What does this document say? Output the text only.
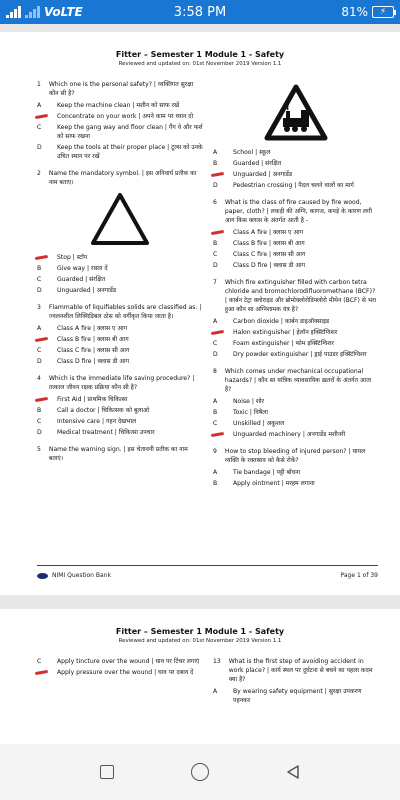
VoLTE	3:58 PM	81% ⚡
Fitter – Semester 1 Module 1 - Safety
Reviewed and updated on: 01st November 2019 Version 1.1
1 Which one is the personal safety? | व्यक्तिगत सुरक्षा कौन सी है?
A	Keep the machine clean | मशीन को साफ रखें
Concentrate on your work | अपने काम पर ध्यान दो
C	Keep the gang way and floor clean | गैंग वे और फर्श को साफ रखना
D	Keep the tools at their proper place | टूल्स को उनके उचित स्थान पर रखें
2 Name the mandatory symbol. | इस अनिवार्य प्रतीक का नाम बताए।
Stop | स्टॉप
B	Give way | रास्ता दें
C	Guarded | संरक्षित
D	Unguarded | अनगार्डेड
3 Flammable of liquifiables solids are classified as. | ज्वलनशील लिक्विडिबल ठोस को वर्गीकृत किया जाता है।
A	Class A fire | क्लास ए आग
Class B fire | क्लास बी आग
C	Class C fire | क्लास सी आग
D	Class D fire | क्लास डी आग
4 Which is the immediate life saving procedure? | तत्काल जीवन रक्षक प्रक्रिया कौन सी है?
First Aid | प्राथमिक चिकित्सा
B	Call a doctor | चिकित्सक को बुलाओ
C	Intensive care | गहन देखभाल
D	Medical treatment | चिकित्सा उपचार
5 Name the warning sign. | इस चेतावनी प्रतीक का नाम बताएं।
A	School | स्कूल
B	Guarded | संरक्षित
Unguarded | अनगार्डेड
D	Pedestrian crossing | पैदल चलने वालों का मार्ग
6 What is the class of fire caused by fire wood, paper, cloth? | लकड़ी की अग्नि, कागज, कपड़े के कारण लगी आग किस क्लास के अंतर्गत आती है -
Class A fire | क्लास ए आग
B	Class B fire | क्लास बी आग
C	Class C fire | क्लास सी आग
D	Class D fire | क्लास डी आग
7 Which fire extinguisher filled with carbon tetra chloride and bromochlorodifluoromethane (BCF)? | कार्बन टेट्रा क्लोराइड और ब्रोमोक्लोरोडिफ्लोरो मीथेन (BCF) से भरा हुआ कौन सा अग्निशामक यंत्र है?
A	Carbon dioxide | कार्बन डाइऑक्साइड
Halon extinguisher | हेलॉन इक्स्टिंग्विशर
C	Foam extinguisher | फोम इक्स्टिंग्विशर
D	Dry powder extinguisher | ड्राई पाउडर इक्स्टिंग्विशर
8 Which comes under mechanical occupational hazards? | कौन सा यांत्रिक व्यावसायिक ख़तरों के अंतर्गत आता है?
A	Noise | शोर
B	Toxic | विषैला
C	Unskilled | अकुशल
Unguarded machinery | अनगार्डेड मशीनरी
9 How to stop bleeding of injured person? | घायल व्यक्ति के रक्तस्राव को कैसे रोकें?
A	Tie bandage | पट्टी बाँधना
B	Apply ointment | मरहम लगाना
NIMI Question Bank	Page 1 of 39
Fitter – Semester 1 Module 1 - Safety
Reviewed and updated on: 01st November 2019 Version 1.1
C	Apply tincture over the wound | घाव पर टिंचर लगाएं
Apply pressure over the wound | घाव पर दबाव दें
13 What is the first step of avoiding accident in work place? | कार्य स्थल पर दुर्घटना से बचने का पहला कदम क्या है?
A	By wearing safety equipment | सुरक्षा उपकरण पहनकर
